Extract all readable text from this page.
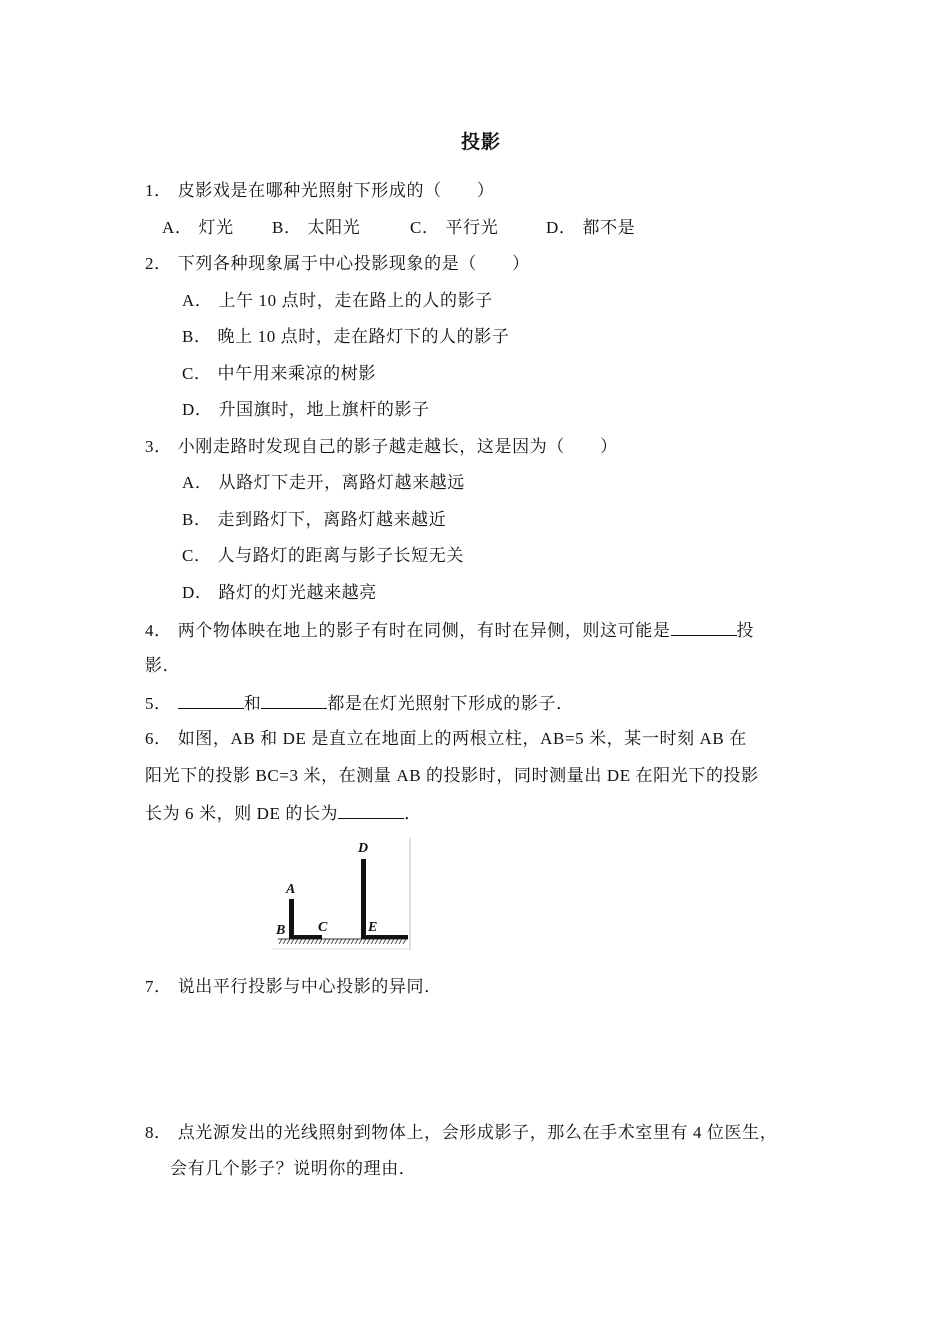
投影
1． 皮影戏是在哪种光照射下形成的（　　）
A． 灯光 B． 太阳光	C． 平行光	D． 都不是
2． 下列各种现象属于中心投影现象的是（　　）
A． 上午 10 点时，走在路上的人的影子
B． 晚上 10 点时，走在路灯下的人的影子
C． 中午用来乘凉的树影
D． 升国旗时，地上旗杆的影子
3． 小刚走路时发现自己的影子越走越长，这是因为（　　）
A． 从路灯下走开，离路灯越来越远
B． 走到路灯下，离路灯越来越近
C． 人与路灯的距离与影子长短无关
D． 路灯的灯光越来越亮
4． 两个物体映在地上的影子有时在同侧，有时在异侧，则这可能是	投
影．
5．	和	都是在灯光照射下形成的影子．
6． 如图，AB 和 DE 是直立在地面上的两根立柱，AB=5 米，某一时刻 AB 在
阳光下的投影 BC=3 米，在测量 AB 的投影时，同时测量出 DE 在阳光下的投影
长为 6 米，则 DE 的长为	．
A
B C
D
E
7． 说出平行投影与中心投影的异同．
8． 点光源发出的光线照射到物体上，会形成影子，那么在手术室里有 4 位医生，
会有几个影子？说明你的理由．
